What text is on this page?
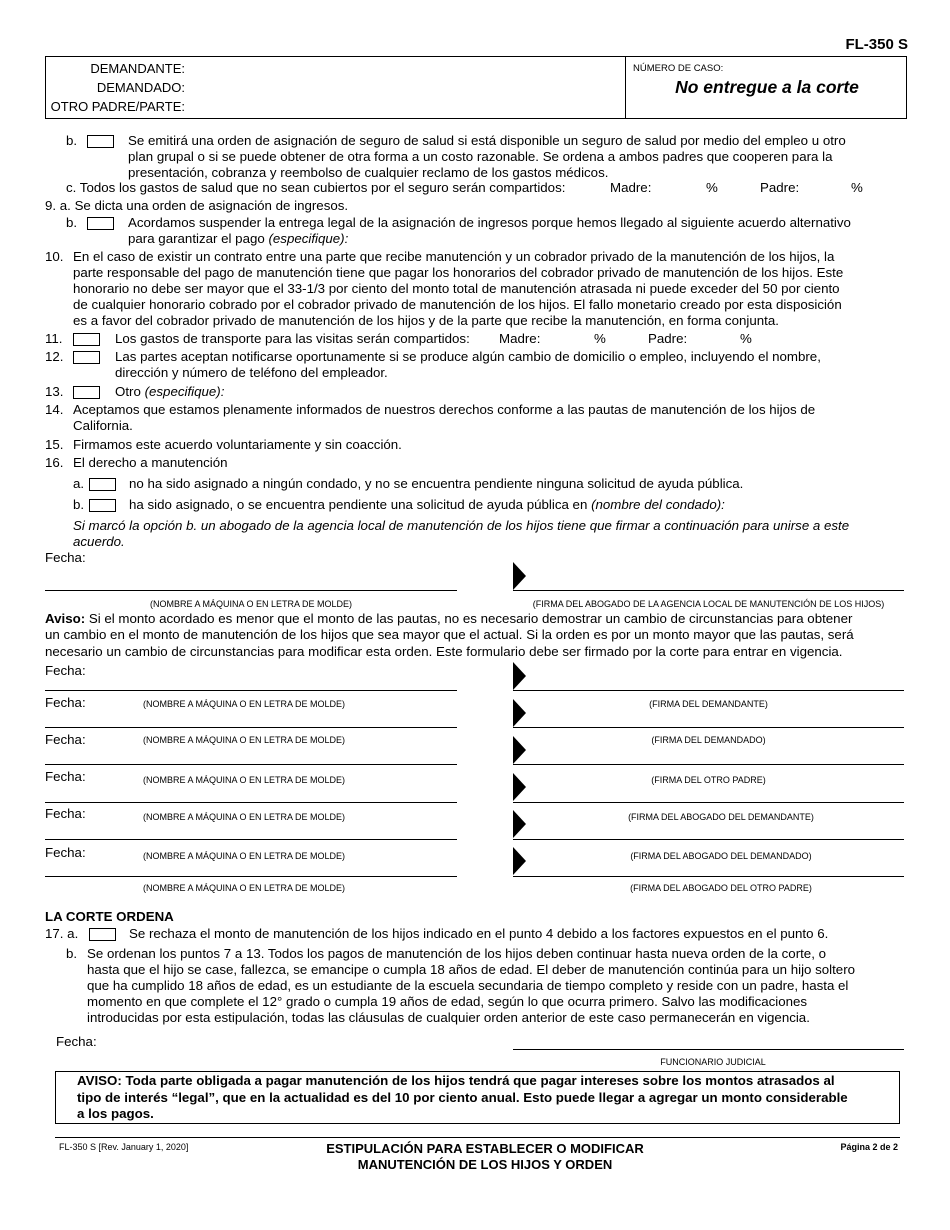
FL-350 S
DEMANDANTE:
DEMANDADO:
OTRO PADRE/PARTE:
NÚMERO DE CASO:
No entregue a la corte
b.	Se emitirá una orden de asignación de seguro de salud si está disponible un seguro de salud por medio del empleo u otro
plan grupal o si se puede obtener de otra forma a un costo razonable. Se ordena a ambos padres que cooperen para la
presentación, cobranza y reembolso de cualquier reclamo de los gastos médicos.
c. Todos los gastos de salud que no sean cubiertos por el seguro serán compartidos:	Madre:	%	Padre:	%
9. a. Se dicta una orden de asignación de ingresos.
b.	Acordamos suspender la entrega legal de la asignación de ingresos porque hemos llegado al siguiente acuerdo alternativo
para garantizar el pago (especifique):
10. En el caso de existir un contrato entre una parte que recibe manutención y un cobrador privado de la manutención de los hijos, la
parte responsable del pago de manutención tiene que pagar los honorarios del cobrador privado de manutención de los hijos. Este
honorario no debe ser mayor que el 33-1/3 por ciento del monto total de manutención atrasada ni puede exceder del 50 por ciento
de cualquier honorario cobrado por el cobrador privado de manutención de los hijos. El fallo monetario creado por esta disposición
es a favor del cobrador privado de manutención de los hijos y de la parte que recibe la manutención, en forma conjunta.
11.	Los gastos de transporte para las visitas serán compartidos: Madre:	%	Padre:	%
12.	Las partes aceptan notificarse oportunamente si se produce algún cambio de domicilio o empleo, incluyendo el nombre,
dirección y número de teléfono del empleador.
13.	Otro (especifique):
14. Aceptamos que estamos plenamente informados de nuestros derechos conforme a las pautas de manutención de los hijos de
California.
15. Firmamos este acuerdo voluntariamente y sin coacción.
16. El derecho a manutención
a.	no ha sido asignado a ningún condado, y no se encuentra pendiente ninguna solicitud de ayuda pública.
b.	ha sido asignado, o se encuentra pendiente una solicitud de ayuda pública en (nombre del condado):
Si marcó la opción b. un abogado de la agencia local de manutención de los hijos tiene que firmar a continuación para unirse a este
acuerdo.
Fecha:
(NOMBRE A MÁQUINA O EN LETRA DE MOLDE)	(FIRMA DEL ABOGADO DE LA AGENCIA LOCAL DE MANUTENCIÓN DE LOS HIJOS)
Aviso: Si el monto acordado es menor que el monto de las pautas, no es necesario demostrar un cambio de circunstancias para obtener
un cambio en el monto de manutención de los hijos que sea mayor que el actual. Si la orden es por un monto mayor que las pautas, será
necesario un cambio de circunstancias para modificar esta orden. Este formulario debe ser firmado por la corte para entrar en vigencia.
Fecha:
(NOMBRE A MÁQUINA O EN LETRA DE MOLDE)	(FIRMA DEL DEMANDANTE)
Fecha:
(NOMBRE A MÁQUINA O EN LETRA DE MOLDE)	(FIRMA DEL DEMANDADO)
Fecha:
(NOMBRE A MÁQUINA O EN LETRA DE MOLDE)	(FIRMA DEL OTRO PADRE)
Fecha:
(NOMBRE A MÁQUINA O EN LETRA DE MOLDE)	(FIRMA DEL ABOGADO DEL DEMANDANTE)
Fecha:
(NOMBRE A MÁQUINA O EN LETRA DE MOLDE)	(FIRMA DEL ABOGADO DEL DEMANDADO)
Fecha:
(NOMBRE A MÁQUINA O EN LETRA DE MOLDE)	(FIRMA DEL ABOGADO DEL OTRO PADRE)
LA CORTE ORDENA
17. a.	Se rechaza el monto de manutención de los hijos indicado en el punto 4 debido a los factores expuestos en el punto 6.
b. Se ordenan los puntos 7 a 13. Todos los pagos de manutención de los hijos deben continuar hasta nueva orden de la corte, o
hasta que el hijo se case, fallezca, se emancipe o cumpla 18 años de edad. El deber de manutención continúa para un hijo soltero
que ha cumplido 18 años de edad, es un estudiante de la escuela secundaria de tiempo completo y reside con un padre, hasta el
momento en que complete el 12° grado o cumpla 19 años de edad, según lo que ocurra primero. Salvo las modificaciones
introducidas por esta estipulación, todas las cláusulas de cualquier orden anterior de este caso permanecerán en vigencia.
Fecha:
FUNCIONARIO JUDICIAL
AVISO: Toda parte obligada a pagar manutención de los hijos tendrá que pagar intereses sobre los montos atrasados al
tipo de interés “legal”, que en la actualidad es del 10 por ciento anual. Esto puede llegar a agregar un monto considerable
a los pagos.
FL-350 S [Rev. January 1, 2020]	ESTIPULACIÓN PARA ESTABLECER O MODIFICAR
MANUTENCIÓN DE LOS HIJOS Y ORDEN
Página 2 de 2
